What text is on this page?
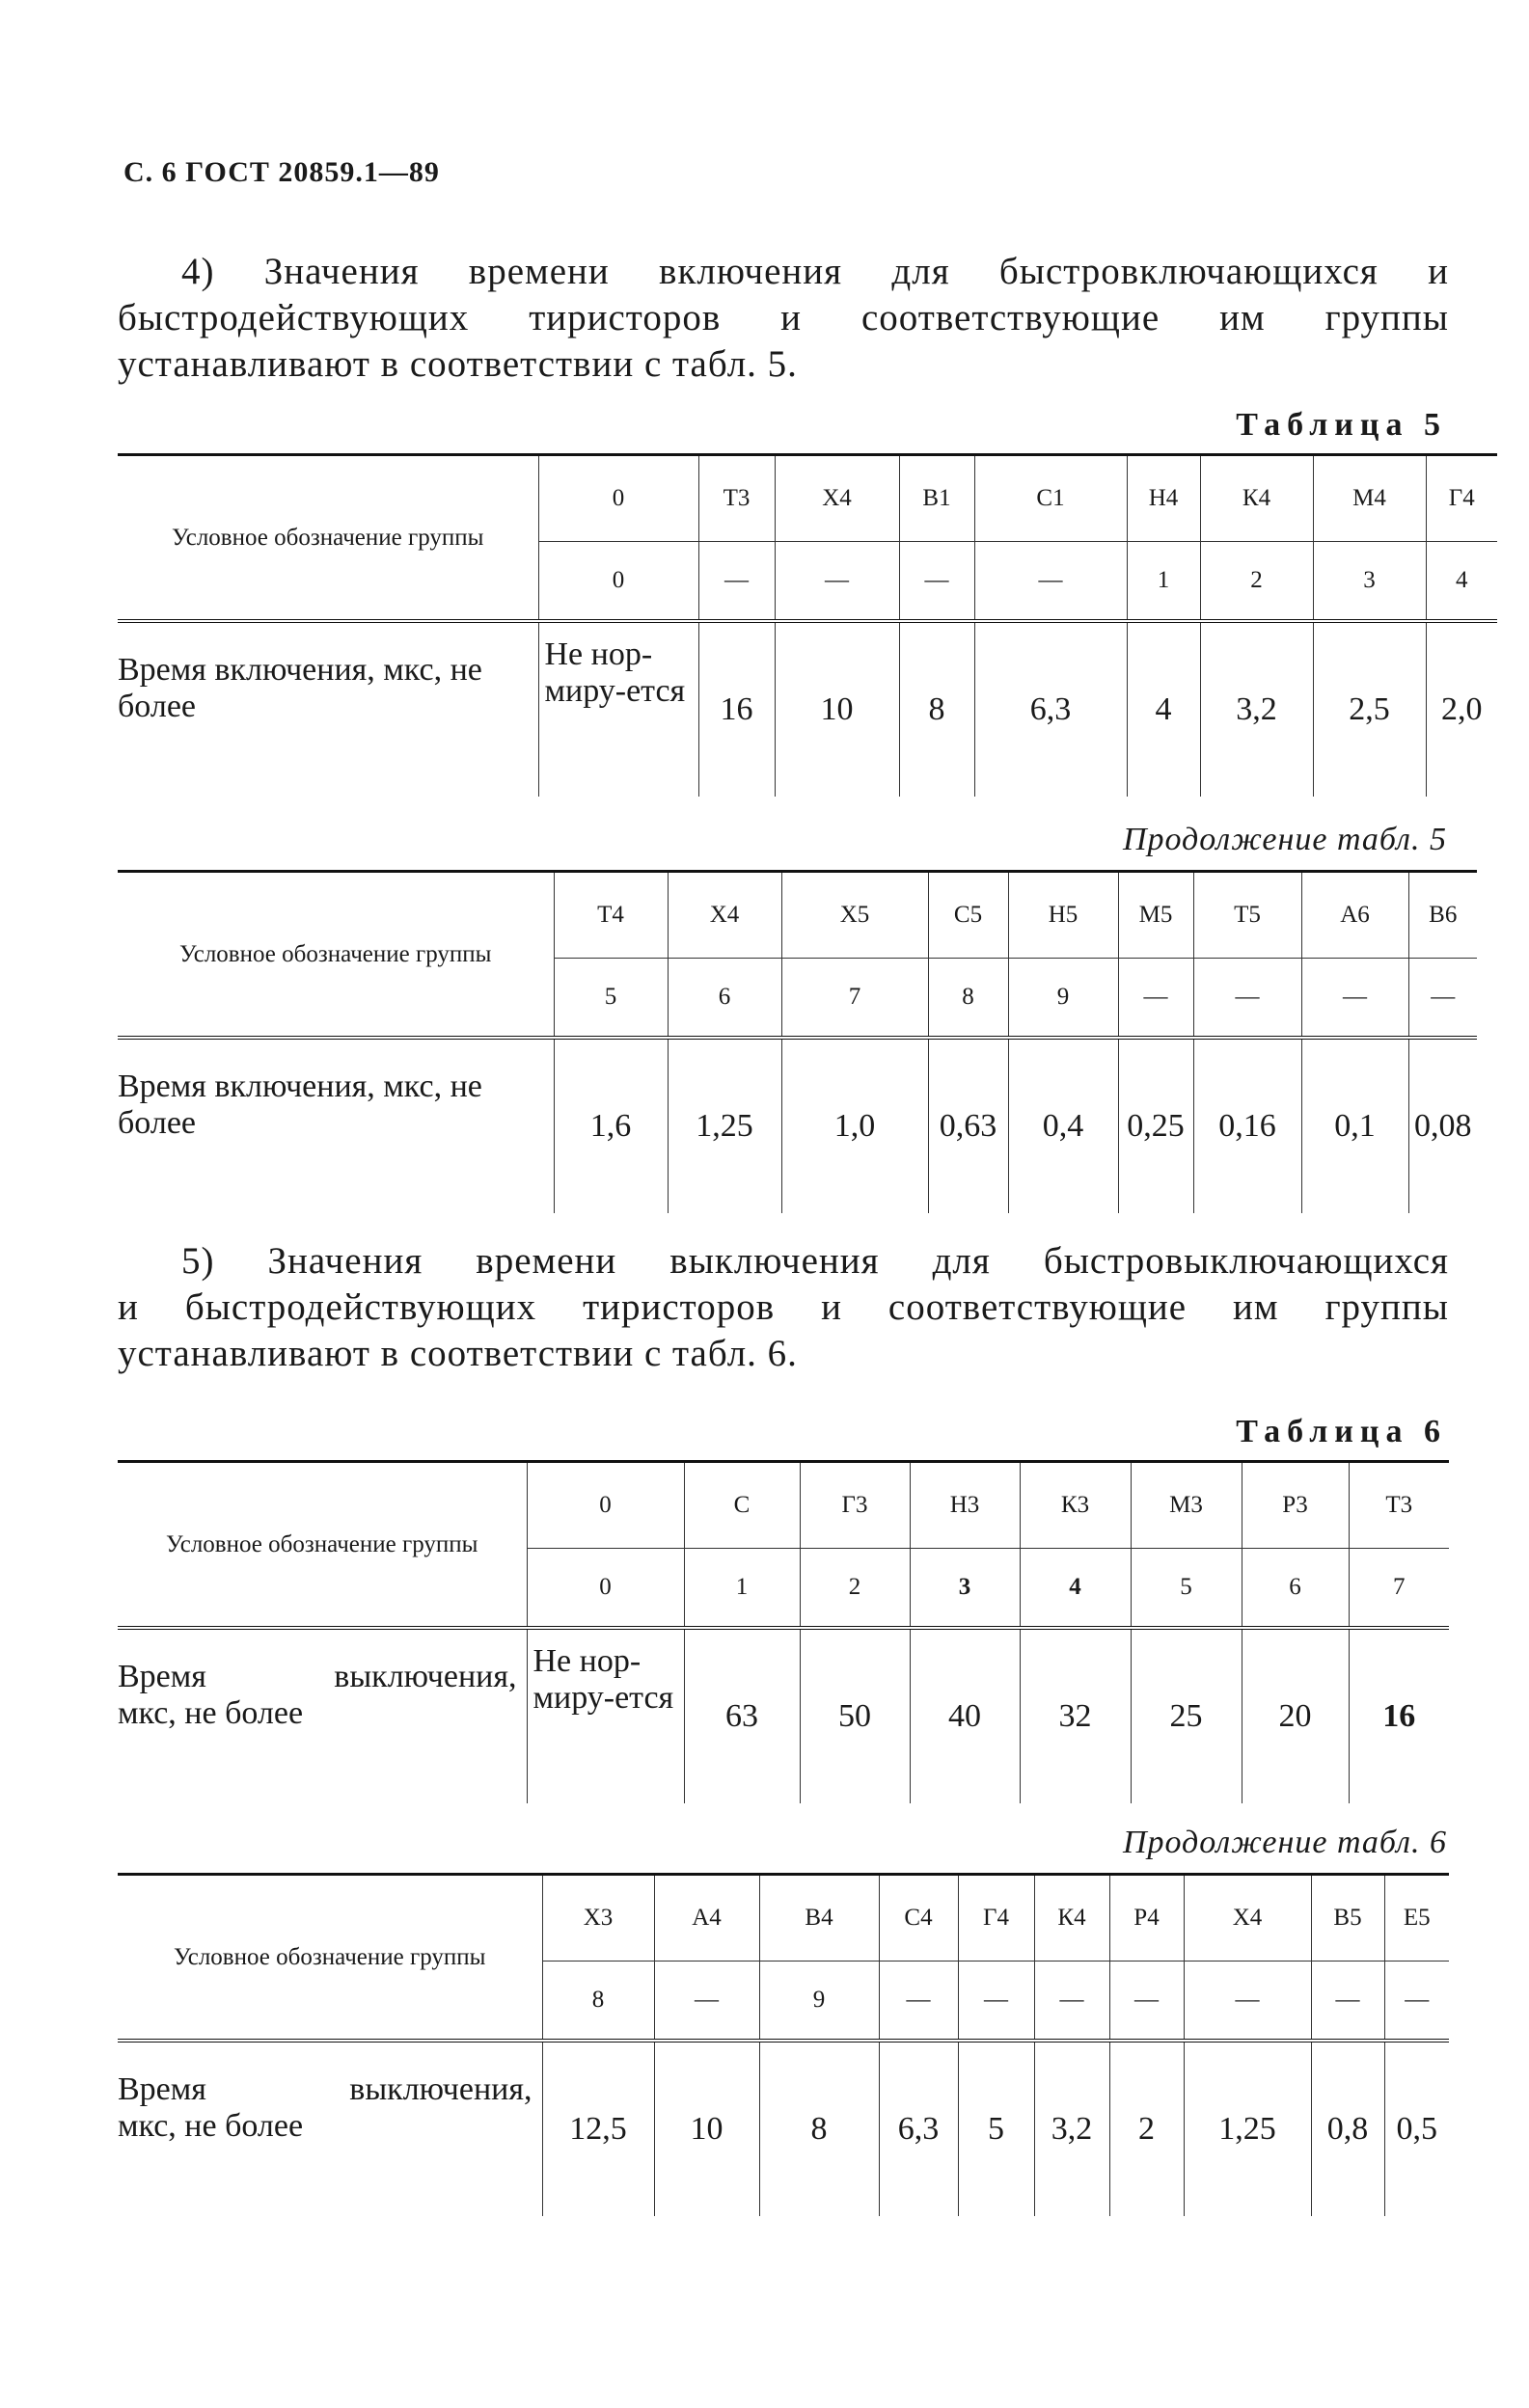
С. 6 ГОСТ 20859.1—89
4) Значения времени включения для быстровключающихся и
быстродействующих тиристоров и соответствующие им группы
устанавливают в соответствии с табл. 5.
Таблица 5
Условное обозначение группы	0	Т3	Х4	В1	С1	Н4	К4	М4	Г4
	0	—	—	—	—	1	2	3	4
Время включения, мкс, не более	Не нор-миру-ется	16	10	8	6,3	4	3,2	2,5	2,0
Продолжение табл. 5
Условное обозначение группы	Т4	Х4	Х5	С5	Н5	М5	Т5	А6	В6
	5	6	7	8	9	—	—	—	—
Время включения, мкс, не более	1,6	1,25	1,0	0,63	0,4	0,25	0,16	0,1	0,08
5) Значения времени выключения для быстровыключающихся
и быстродействующих тиристоров и соответствующие им группы
устанавливают в соответствии с табл. 6.
Таблица 6
Условное обозначение группы	0	С	Г3	Н3	К3	М3	Р3	Т3
	0	1	2	3	4	5	6	7

Время выключения,
мкс, не более	Не нор-миру-ется	63	50	40	32	25	20	16
Продолжение табл. 6
Условное обозначение группы	Х3	А4	В4	С4	Г4	К4	Р4	Х4	В5	Е5
	8	—	9	—	—	—	—	—	—	—

Время выключения,
мкс, не более	12,5	10	8	6,3	5	3,2	2	1,25	0,8	0,5
